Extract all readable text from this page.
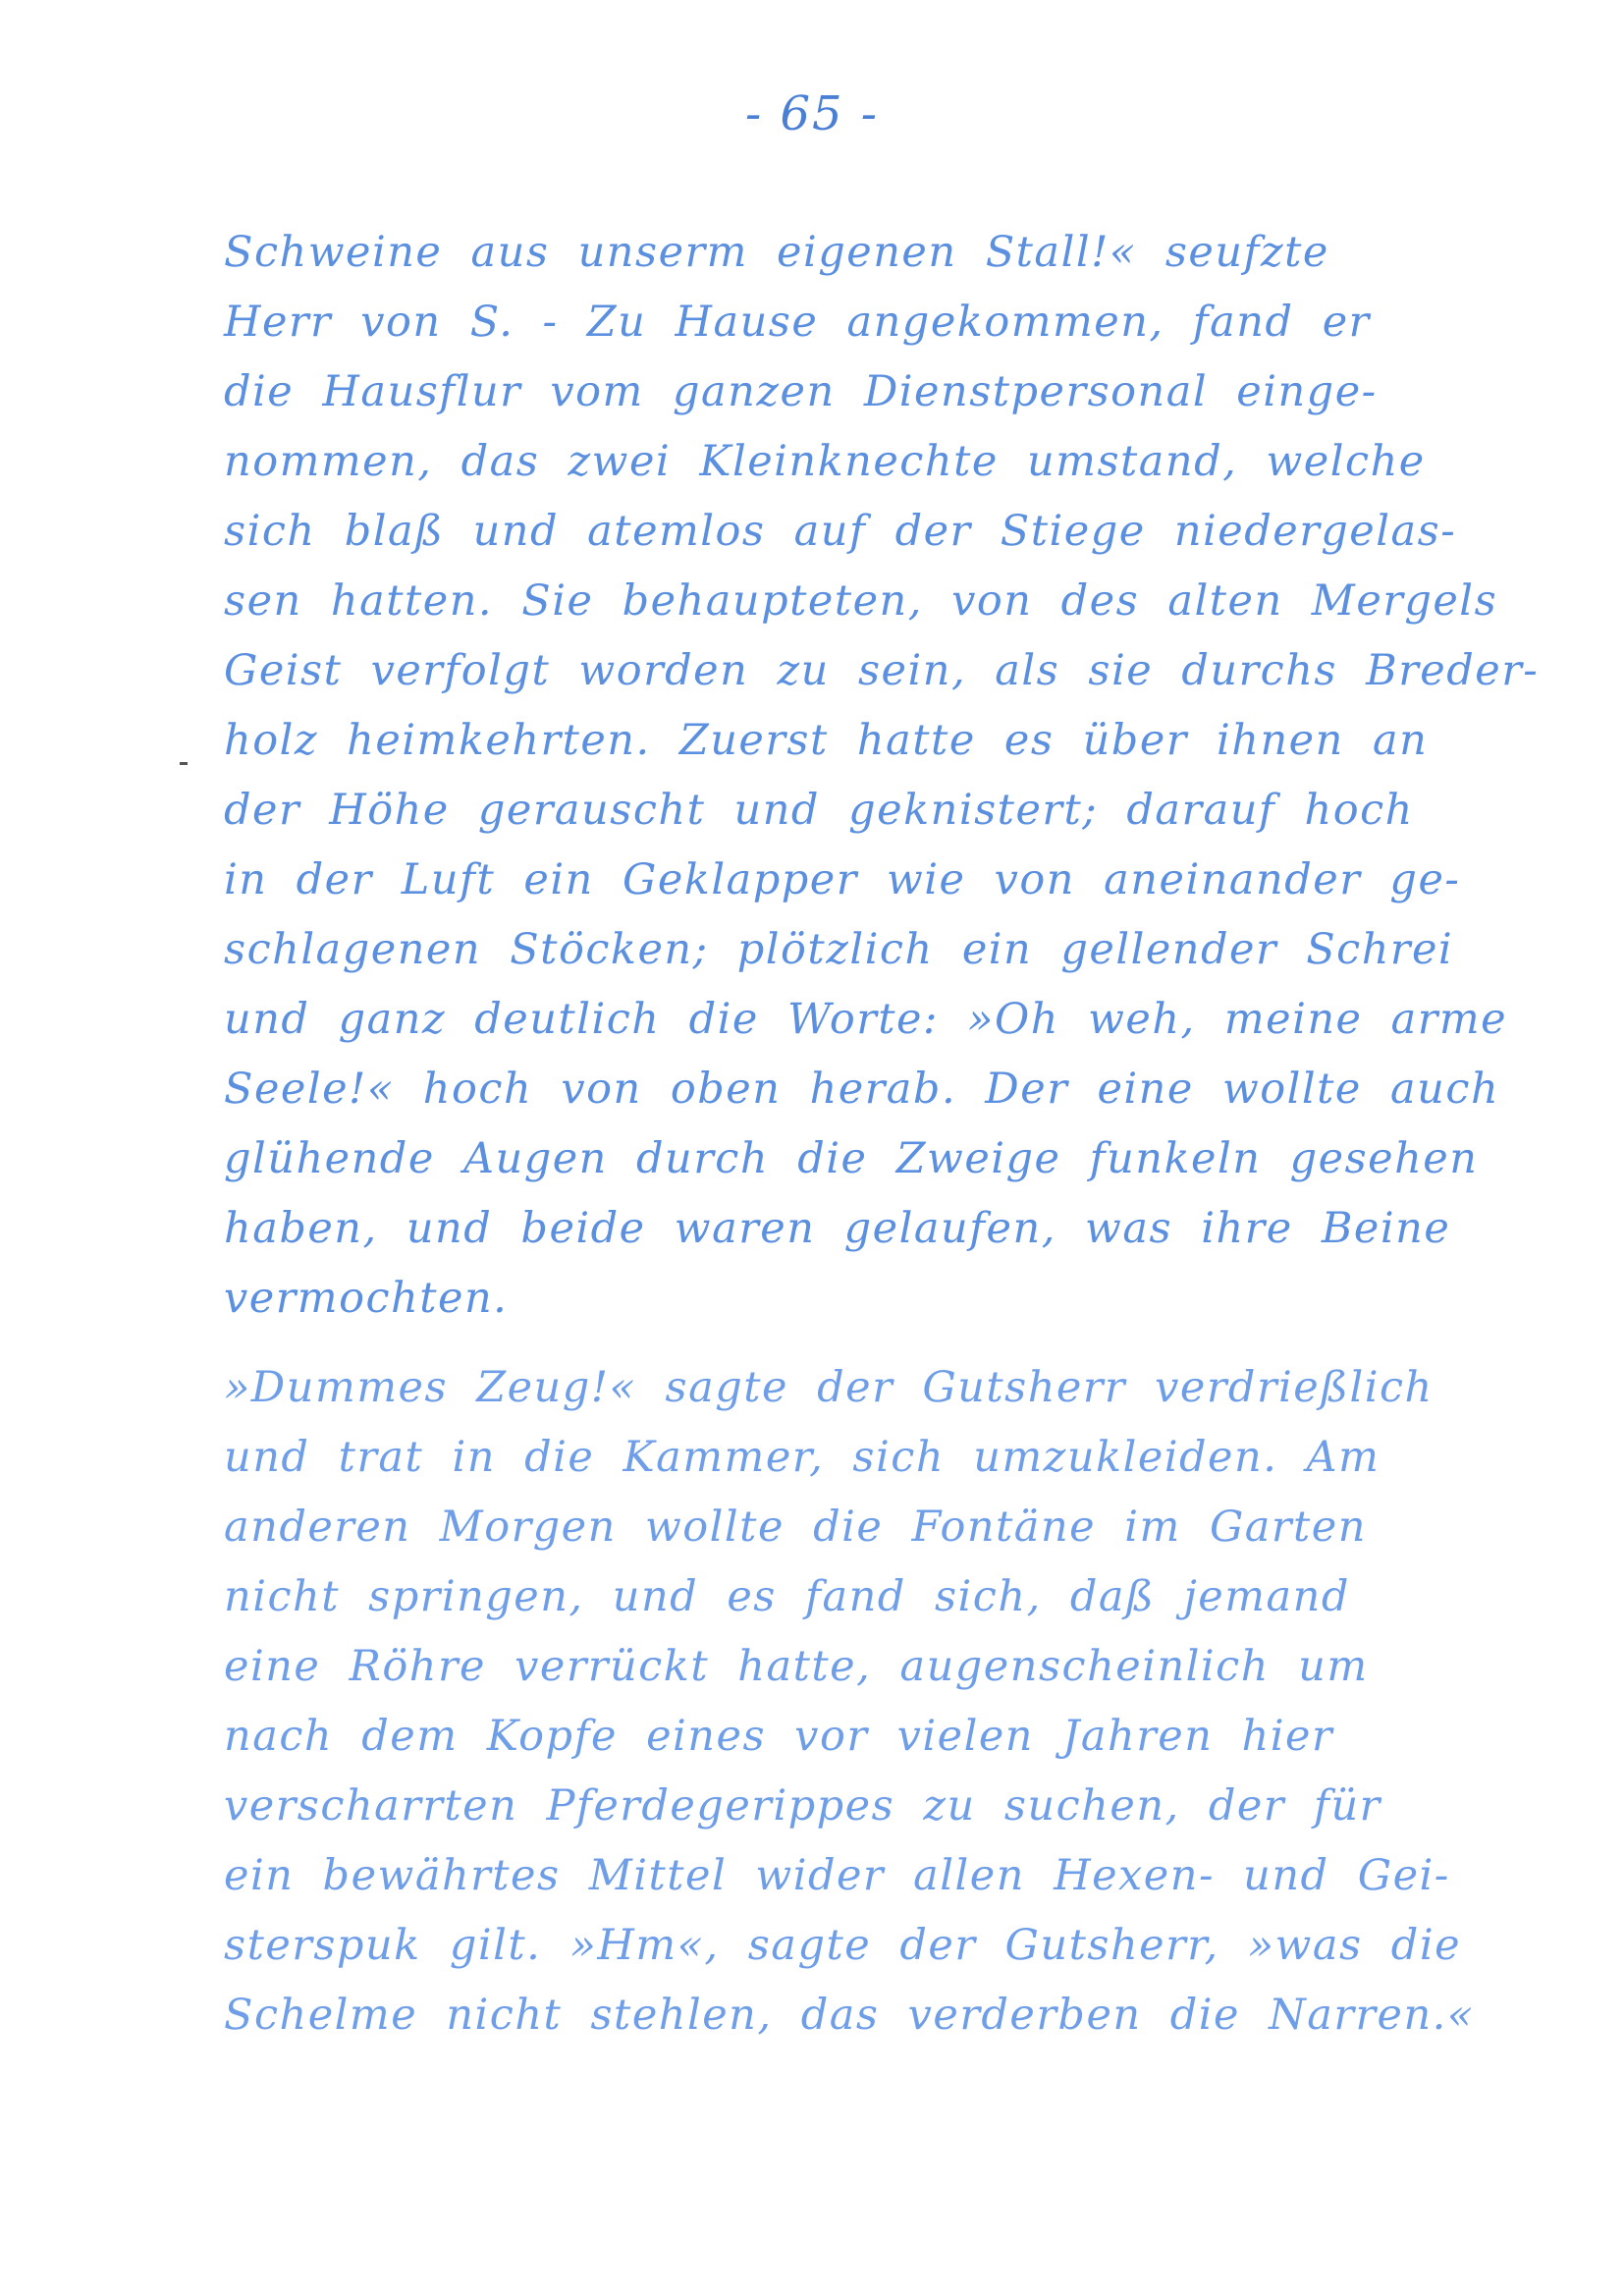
- 65 -
Schweine aus unserm eigenen Stall!« seufzte
Herr von S. - Zu Hause angekommen, fand er
die Hausflur vom ganzen Dienstpersonal einge-
nommen, das zwei Kleinknechte umstand, welche
sich blaß und atemlos auf der Stiege niedergelas-
sen hatten. Sie behaupteten, von des alten Mergels
Geist verfolgt worden zu sein, als sie durchs Breder-
holz heimkehrten. Zuerst hatte es über ihnen an
der Höhe gerauscht und geknistert; darauf hoch
in der Luft ein Geklapper wie von aneinander ge-
schlagenen Stöcken; plötzlich ein gellender Schrei
und ganz deutlich die Worte: »Oh weh, meine arme
Seele!« hoch von oben herab. Der eine wollte auch
glühende Augen durch die Zweige funkeln gesehen
haben, und beide waren gelaufen, was ihre Beine
vermochten.
»Dummes Zeug!« sagte der Gutsherr verdrießlich
und trat in die Kammer, sich umzukleiden. Am
anderen Morgen wollte die Fontäne im Garten
nicht springen, und es fand sich, daß jemand
eine Röhre verrückt hatte, augenscheinlich um
nach dem Kopfe eines vor vielen Jahren hier
verscharrten Pferdegerippes zu suchen, der für
ein bewährtes Mittel wider allen Hexen- und Gei-
sterspuk gilt. »Hm«, sagte der Gutsherr, »was die
Schelme nicht stehlen, das verderben die Narren.«
